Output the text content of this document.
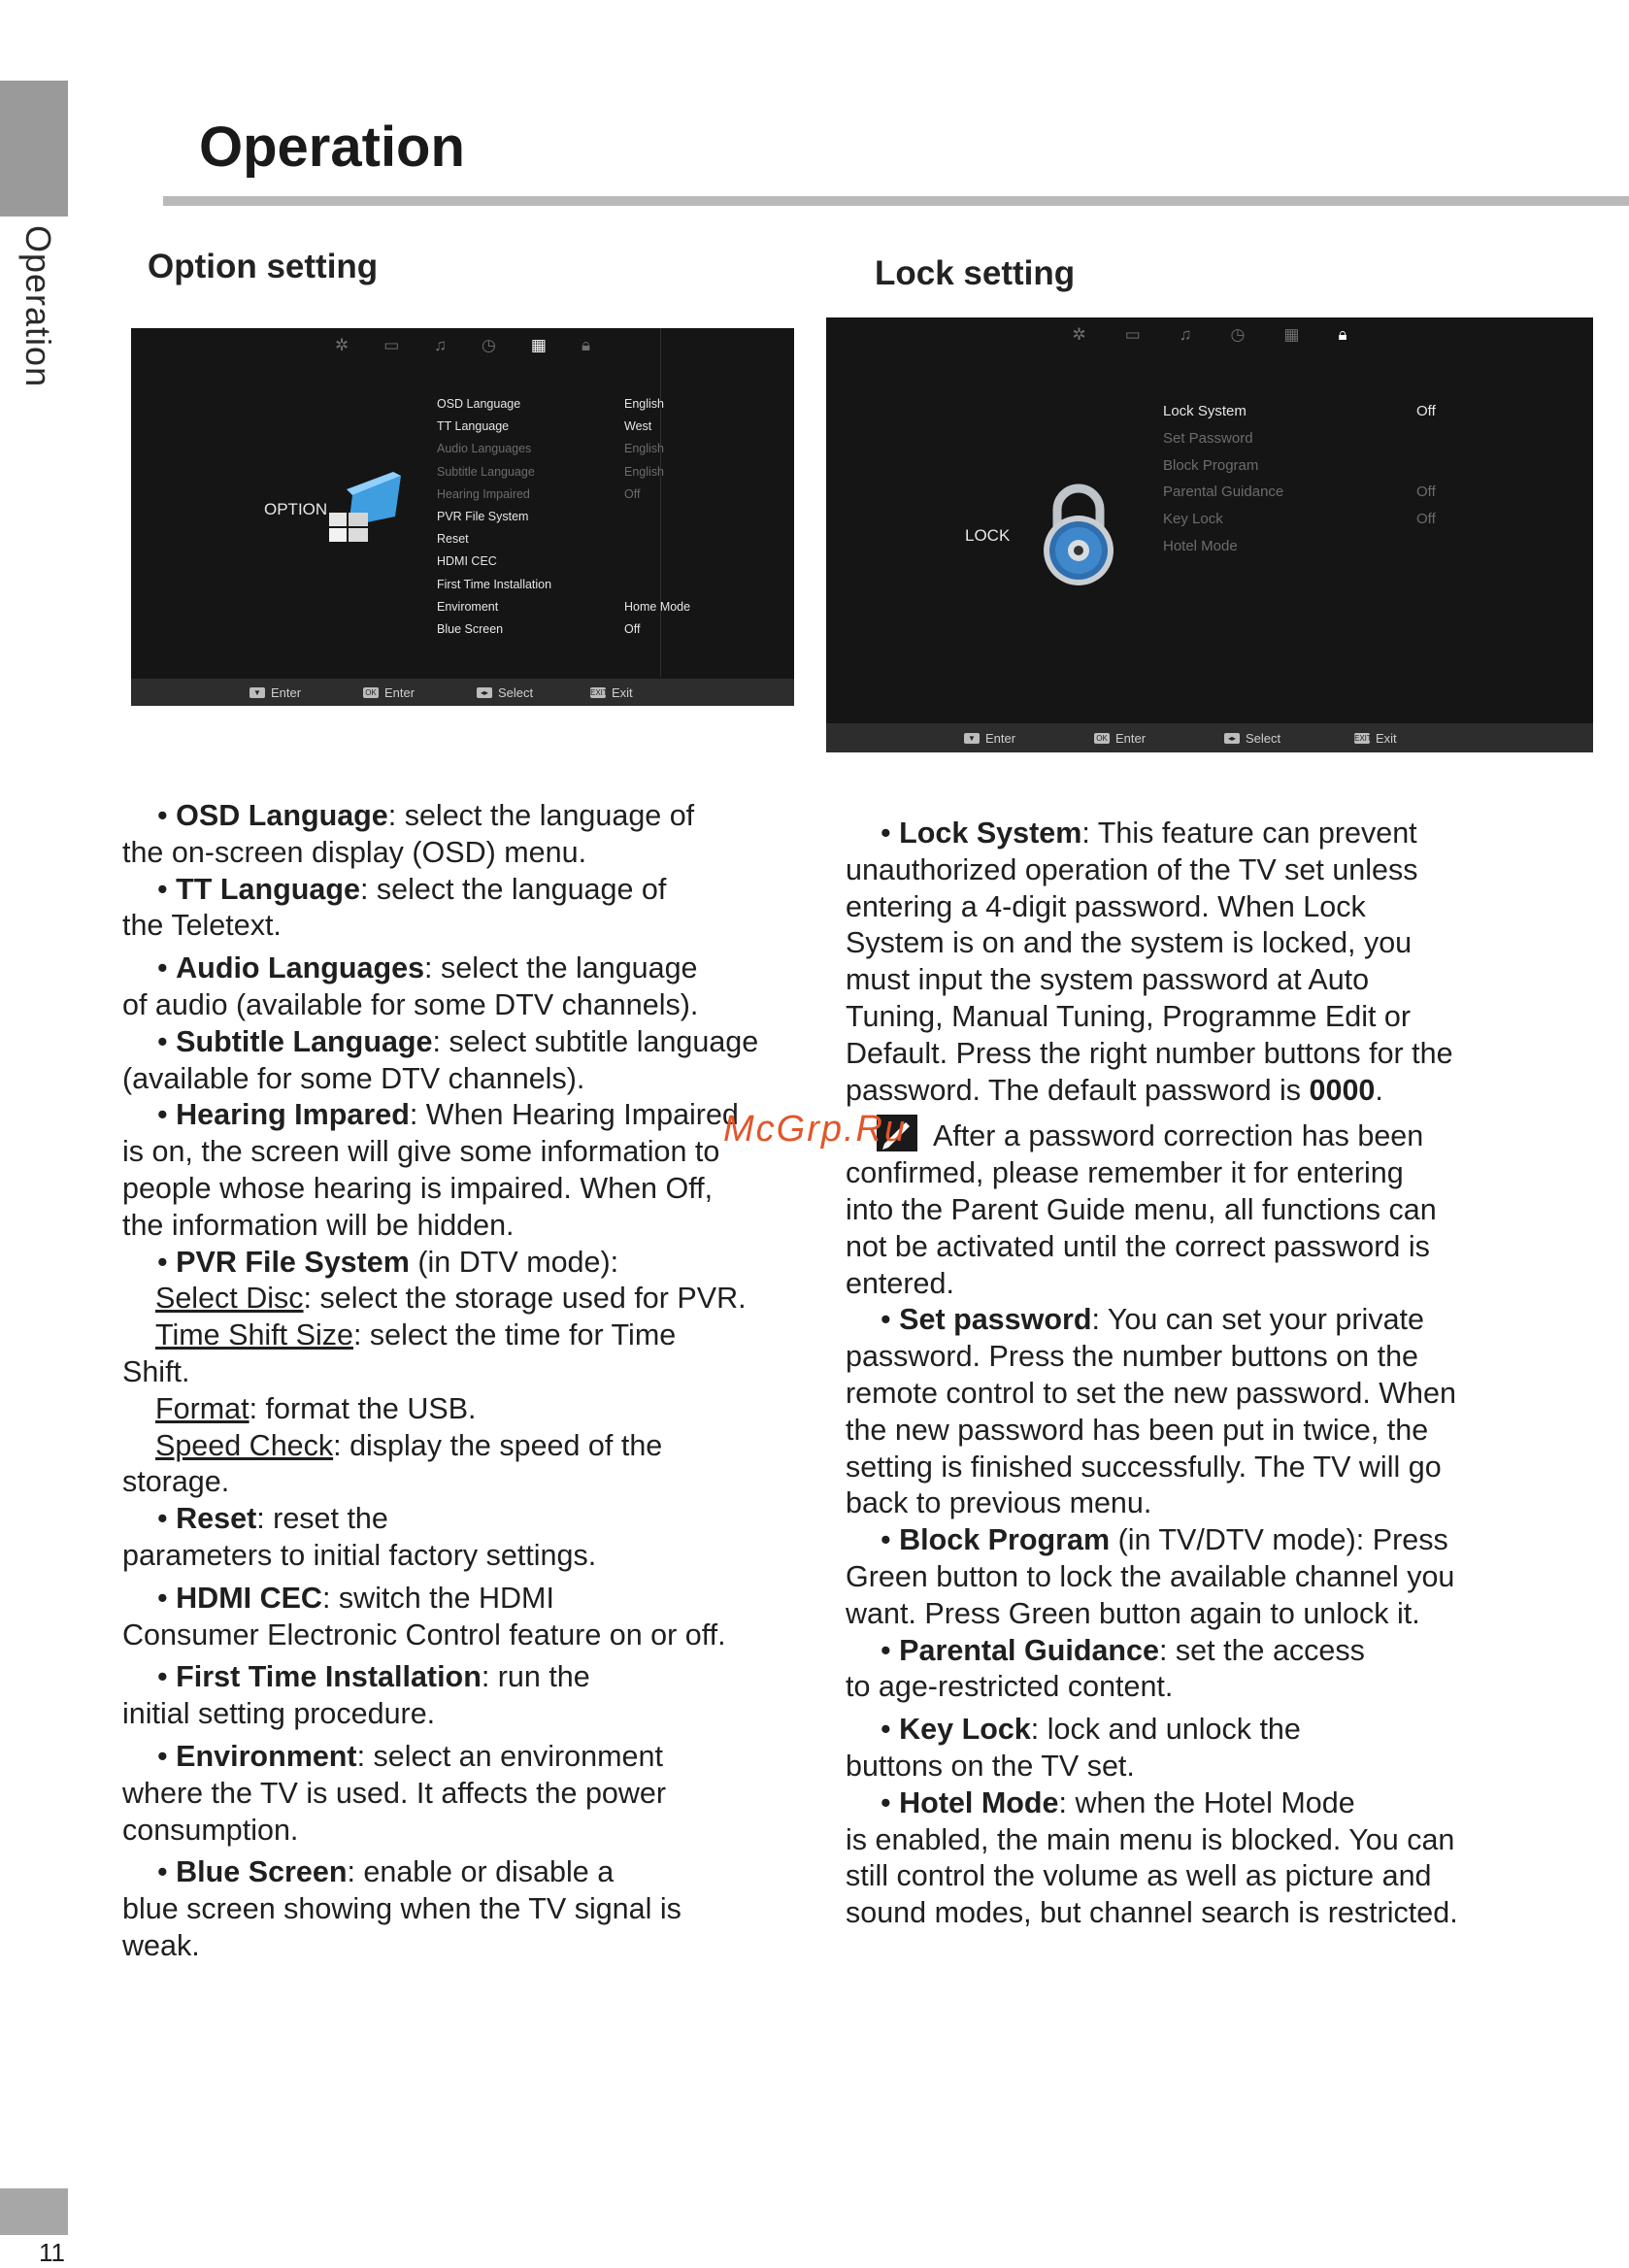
Operation
Operation
Option setting	Lock setting
✲ ▭ ♫ ◷ ▦ 🔒︎
OPTION
OSD Language	English
TT Language	West
Audio Languages	English
Subtitle Language	English
Hearing Impaired	Off
PVR File System
Reset
HDMI CEC
First Time Installation
Enviroment	Home Mode
Blue Screen	Off
▼ Enter	OK Enter	◂▸ Select	EXIT Exit
✲ ▭ ♫ ◷ ▦ 🔒︎
LOCK
Lock System	Off
Set Password
Block Program
Parental Guidance	Off
Key Lock	Off
Hotel Mode
▼ Enter	OK Enter	◂▸ Select	EXIT Exit

• OSD Language: select the language of

the on-screen display (OSD) menu.

• TT Language: select the language of

the Teletext.

• Audio Languages: select the language

of audio (available for some DTV channels).

• Subtitle Language: select subtitle language

(available for some DTV channels).

• Hearing Impared: When Hearing Impaired

is on, the screen will give some information to

people whose hearing is impaired. When Off,

the information will be hidden.

• PVR File System (in DTV mode):

Select Disc: select the storage used for PVR.

Time Shift Size: select the time for Time

Shift.

Format: format the USB.

Speed Check: display the speed of the

storage.

• Reset: reset the

parameters to initial factory settings.

• HDMI CEC: switch the HDMI

Consumer Electronic Control feature on or off.

• First Time Installation: run the

initial setting procedure.

• Environment: select an environment

where the TV is used. It affects the power

consumption.

• Blue Screen: enable or disable a

blue screen showing when the TV signal is

weak.

• Lock System: This feature can prevent

unauthorized operation of the TV set unless

entering a 4-digit password. When Lock

System is on and the system is locked, you

must input the system password at Auto

Tuning, Manual Tuning, Programme Edit or

Default. Press the right number buttons for the

password. The default password is 0000.

After a password correction has been

confirmed, please remember it for entering

into the Parent Guide menu, all functions can

not be activated until the correct password is

entered.

• Set password: You can set your private

password. Press the number buttons on the

remote control to set the new password. When

the new password has been put in twice, the

setting is finished successfully. The TV will go

back to previous menu.

• Block Program (in TV/DTV mode): Press

Green button to lock the available channel you

want. Press Green button again to unlock it.

• Parental Guidance: set the access

to age-restricted content.

• Key Lock: lock and unlock the

buttons on the TV set.

• Hotel Mode: when the Hotel Mode

is enabled, the main menu is blocked. You can

still control the volume as well as picture and

sound modes, but channel search is restricted.

McGrp.Ru
11
